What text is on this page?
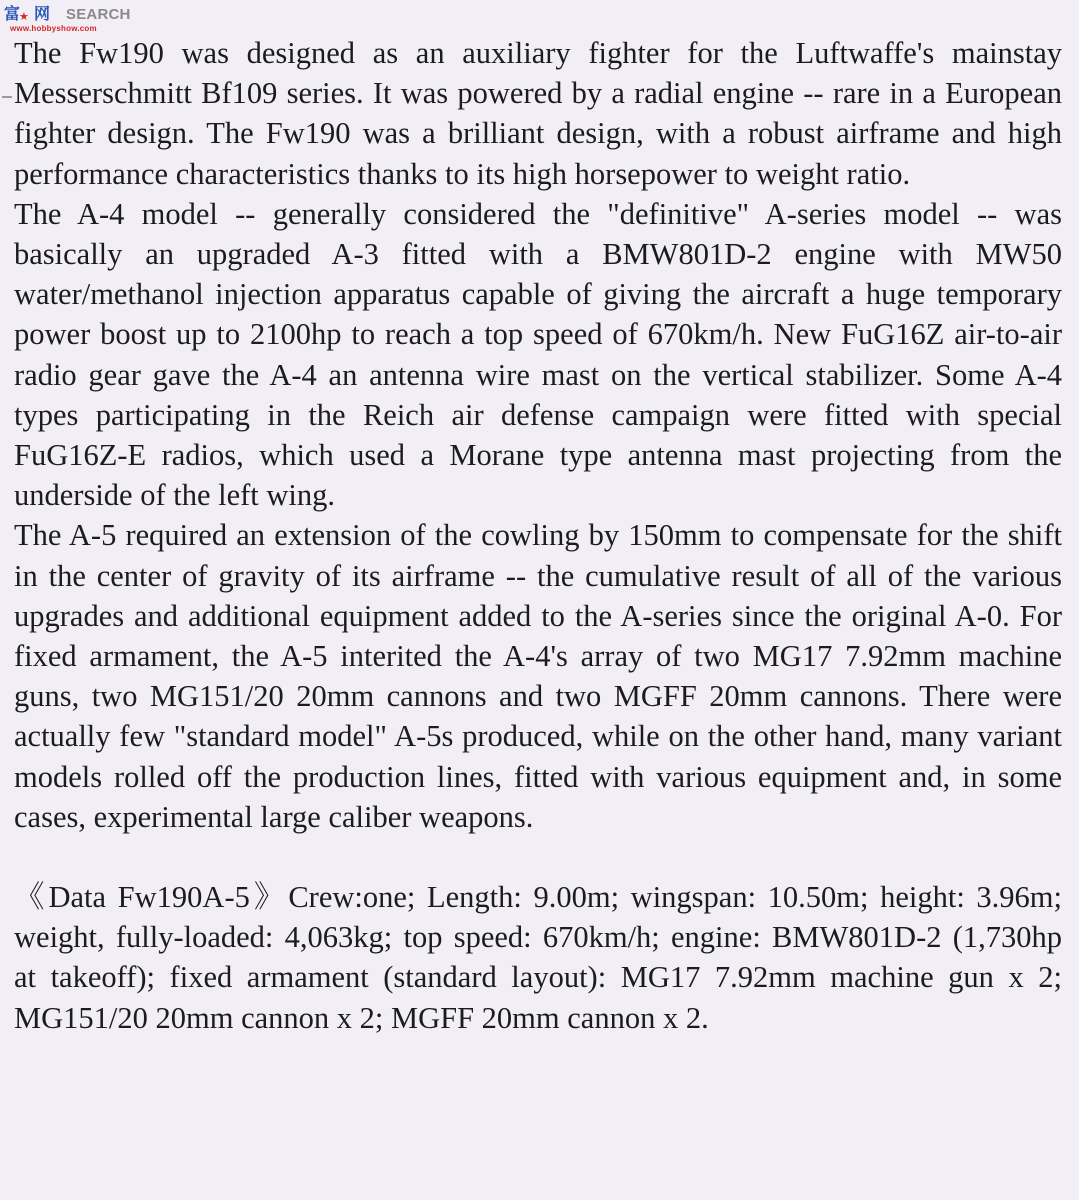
富
★ 网 SEARCH
www.hobbyshow.com

The Fw190 was designed as an auxiliary fighter for the Luftwaffe's mainstay Messerschmitt Bf109 series. It was powered by a radial engine -- rare in a European fighter design. The Fw190 was a brilliant design, with a robust airframe and high performance characteristics thanks to its high horsepower to weight ratio.

The A-4 model -- generally considered the "definitive" A-series model -- was basically an upgraded A-3 fitted with a BMW801D-2 engine with MW50 water/methanol injection apparatus capable of giving the aircraft a huge temporary power boost up to 2100hp to reach a top speed of 670km/h. New FuG16Z air-to-air radio gear gave the A-4 an antenna wire mast on the vertical stabilizer. Some A-4 types participating in the Reich air defense campaign were fitted with special FuG16Z-E radios, which used a Morane type antenna mast projecting from the underside of the left wing.

The A-5 required an extension of the cowling by 150mm to compensate for the shift in the center of gravity of its airframe -- the cumulative result of all of the various upgrades and additional equipment added to the A-series since the original A-0. For fixed armament, the A-5 interited the A-4's array of two MG17 7.92mm machine guns, two MG151/20 20mm cannons and two MGFF 20mm cannons. There were actually few "standard model" A-5s produced, while on the other hand, many variant models rolled off the production lines, fitted with various equipment and, in some cases, experimental large caliber weapons.

《Data Fw190A-5》Crew:one; Length: 9.00m; wingspan: 10.50m; height: 3.96m; weight, fully-loaded: 4,063kg; top speed: 670km/h; engine: BMW801D-2 (1,730hp at takeoff); fixed armament (standard layout): MG17 7.92mm machine gun x 2; MG151/20 20mm cannon x 2; MGFF 20mm cannon x 2.
